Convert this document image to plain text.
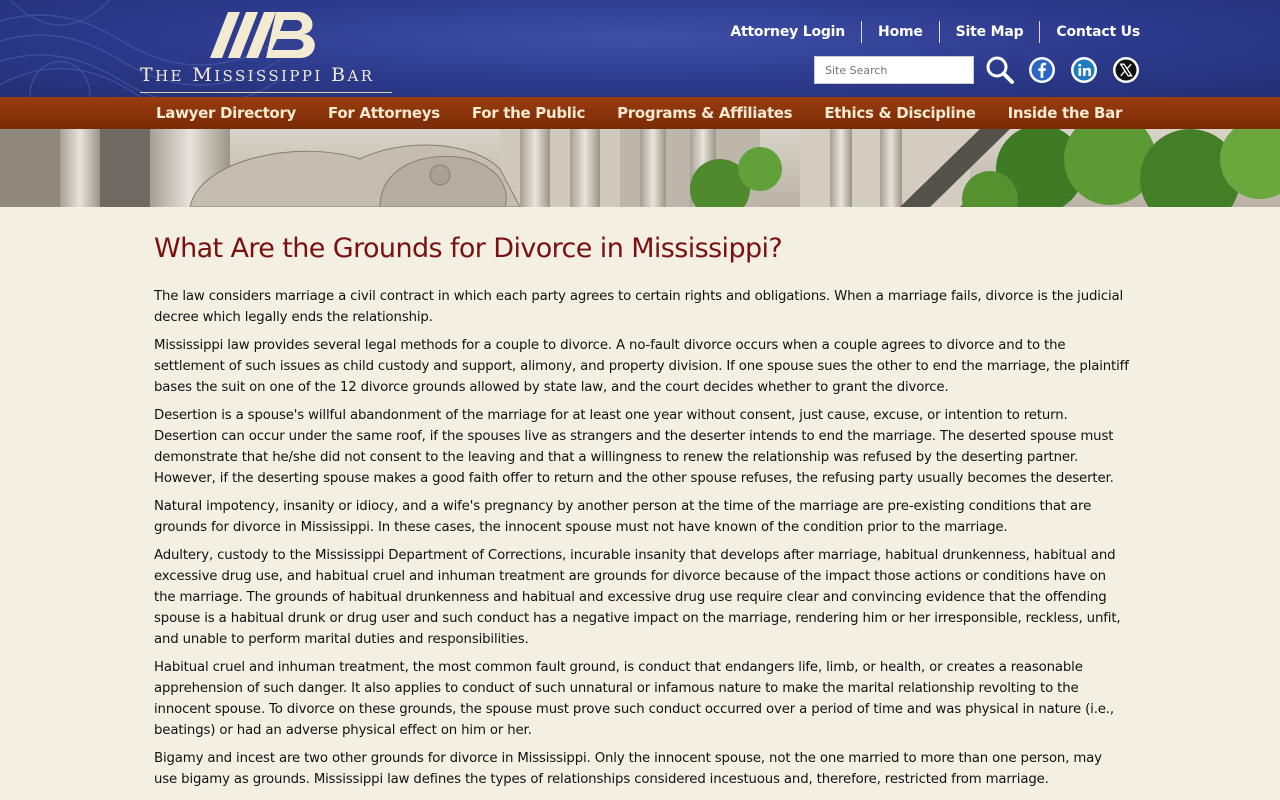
THE MISSISSIPPI BAR
Attorney Login	Home	Site Map	Contact Us
Site Search
Lawyer Directory	For Attorneys	For the Public	Programs & Affiliates	Ethics & Discipline	Inside the Bar
What Are the Grounds for Divorce in Mississippi?

The law considers marriage a civil contract in which each party agrees to certain rights and obligations. When a marriage fails, divorce is the judicial decree which legally ends the relationship.

Mississippi law provides several legal methods for a couple to divorce. A no-fault divorce occurs when a couple agrees to divorce and to the settlement of such issues as child custody and support, alimony, and property division. If one spouse sues the other to end the marriage, the plaintiff bases the suit on one of the 12 divorce grounds allowed by state law, and the court decides whether to grant the divorce.

Desertion is a spouse's willful abandonment of the marriage for at least one year without consent, just cause, excuse, or intention to return. Desertion can occur under the same roof, if the spouses live as strangers and the deserter intends to end the marriage. The deserted spouse must demonstrate that he/she did not consent to the leaving and that a willingness to renew the relationship was refused by the deserting partner. However, if the deserting spouse makes a good faith offer to return and the other spouse refuses, the refusing party usually becomes the deserter.

Natural impotency, insanity or idiocy, and a wife's pregnancy by another person at the time of the marriage are pre-existing conditions that are grounds for divorce in Mississippi. In these cases, the innocent spouse must not have known of the condition prior to the marriage.

Adultery, custody to the Mississippi Department of Corrections, incurable insanity that develops after marriage, habitual drunkenness, habitual and excessive drug use, and habitual cruel and inhuman treatment are grounds for divorce because of the impact those actions or conditions have on the marriage. The grounds of habitual drunkenness and habitual and excessive drug use require clear and convincing evidence that the offending spouse is a habitual drunk or drug user and such conduct has a negative impact on the marriage, rendering him or her irresponsible, reckless, unfit, and unable to perform marital duties and responsibilities.

Habitual cruel and inhuman treatment, the most common fault ground, is conduct that endangers life, limb, or health, or creates a reasonable apprehension of such danger. It also applies to conduct of such unnatural or infamous nature to make the marital relationship revolting to the innocent spouse. To divorce on these grounds, the spouse must prove such conduct occurred over a period of time and was physical in nature (i.e., beatings) or had an adverse physical effect on him or her.

Bigamy and incest are two other grounds for divorce in Mississippi. Only the innocent spouse, not the one married to more than one person, may use bigamy as grounds. Mississippi law defines the types of relationships considered incestuous and, therefore, restricted from marriage.
